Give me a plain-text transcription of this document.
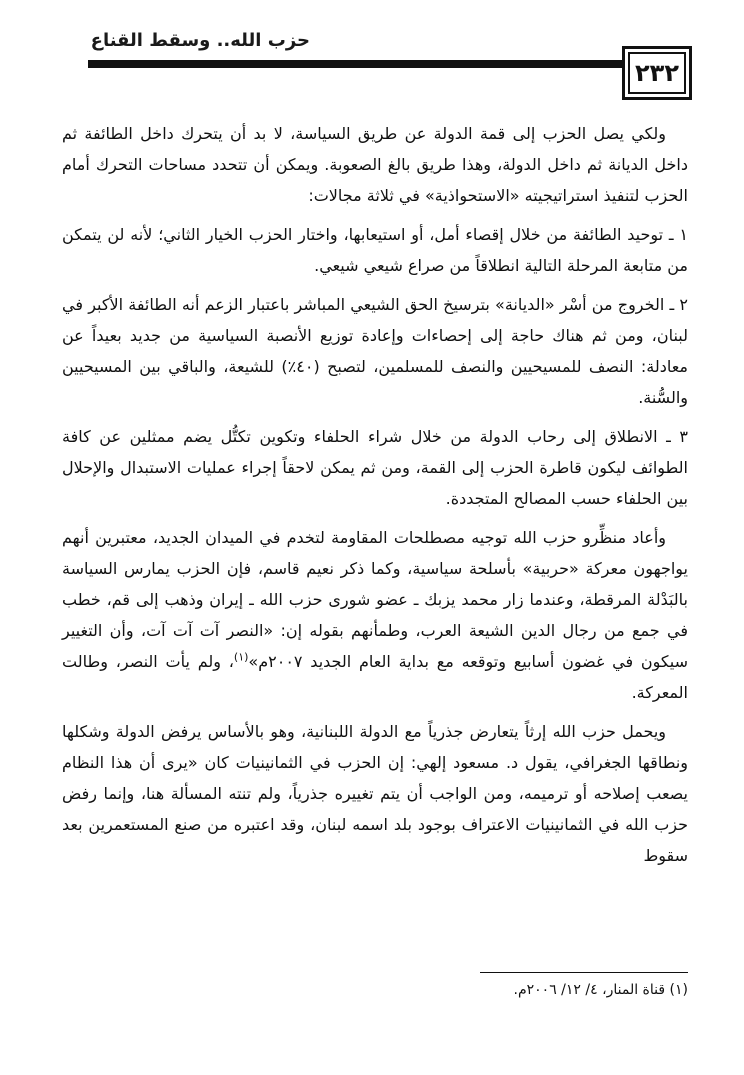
حزب الله.. وسقط القناع
٢٣٢

ولكي يصل الحزب إلى قمة الدولة عن طريق السياسة، لا بد أن يتحرك داخل الطائفة ثم داخل الديانة ثم داخل الدولة، وهذا طريق بالغ الصعوبة. ويمكن أن تتحدد مساحات التحرك أمام الحزب لتنفيذ استراتيجيته «الاستحواذية» في ثلاثة مجالات:

١ ـ توحيد الطائفة من خلال إقصاء أمل، أو استيعابها، واختار الحزب الخيار الثاني؛ لأنه لن يتمكن من متابعة المرحلة التالية انطلاقاً من صراع شيعي شيعي.

٢ ـ الخروج من أسْر «الديانة» بترسيخ الحق الشيعي المباشر باعتبار الزعم أنه الطائفة الأكبر في لبنان، ومن ثم هناك حاجة إلى إحصاءات وإعادة توزيع الأنصبة السياسية من جديد بعيداً عن معادلة: النصف للمسيحيين والنصف للمسلمين، لتصبح (٤٠٪) للشيعة، والباقي بين المسيحيين والسُّنة.

٣ ـ الانطلاق إلى رحاب الدولة من خلال شراء الحلفاء وتكوين تكتُّل يضم ممثلين عن كافة الطوائف ليكون قاطرة الحزب إلى القمة، ومن ثم يمكن لاحقاً إجراء عمليات الاستبدال والإحلال بين الحلفاء حسب المصالح المتجددة.

وأعاد منظِّرو حزب الله توجيه مصطلحات المقاومة لتخدم في الميدان الجديد، معتبرين أنهم يواجهون معركة «حربية» بأسلحة سياسية، وكما ذكر نعيم قاسم، فإن الحزب يمارس السياسة بالبَدْلة المرقطة، وعندما زار محمد يزبك ـ عضو شورى حزب الله ـ إيران وذهب إلى قم، خطب في جمع من رجال الدين الشيعة العرب، وطمأنهم بقوله إن: «النصر آت آت آت، وأن التغيير سيكون في غضون أسابيع وتوقعه مع بداية العام الجديد ٢٠٠٧م»$^{(١)}$، ولم يأت النصر، وطالت المعركة.

ويحمل حزب الله إرثاً يتعارض جذرياً مع الدولة اللبنانية، وهو بالأساس يرفض الدولة وشكلها ونطاقها الجغرافي، يقول د. مسعود إلهي: إن الحزب في الثمانينيات كان «يرى أن هذا النظام يصعب إصلاحه أو ترميمه، ومن الواجب أن يتم تغييره جذرياً، ولم تنته المسألة هنا، وإنما رفض حزب الله في الثمانينيات الاعتراف بوجود بلد اسمه لبنان، وقد اعتبره من صنع المستعمرين بعد سقوط

(١) قناة المنار، ٤/ ١٢/ ٢٠٠٦م.
